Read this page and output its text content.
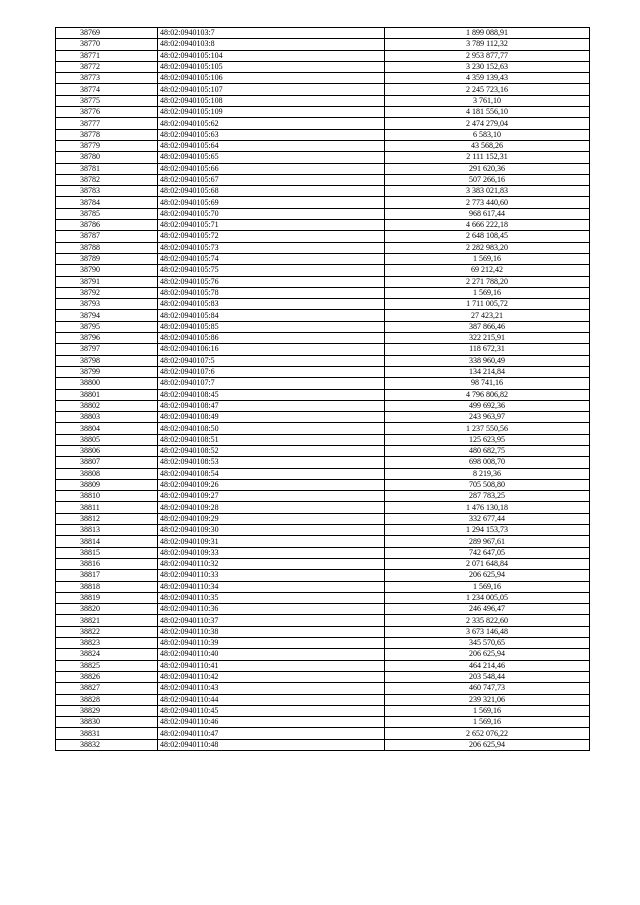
38769	48:02:0940103:7	1 899 088,91
38770	48:02:0940103:8	3 789 112,32
38771	48:02:0940105:104	2 953 877,77
38772	48:02:0940105:105	3 230 152,63
38773	48:02:0940105:106	4 359 139,43
38774	48:02:0940105:107	2 245 723,16
38775	48:02:0940105:108	3 761,10
38776	48:02:0940105:109	4 181 556,10
38777	48:02:0940105:62	2 474 279,04
38778	48:02:0940105:63	6 583,10
38779	48:02:0940105:64	43 568,26
38780	48:02:0940105:65	2 111 152,31
38781	48:02:0940105:66	291 620,36
38782	48:02:0940105:67	507 266,16
38783	48:02:0940105:68	3 383 021,83
38784	48:02:0940105:69	2 773 440,60
38785	48:02:0940105:70	968 617,44
38786	48:02:0940105:71	4 666 222,18
38787	48:02:0940105:72	2 648 108,45
38788	48:02:0940105:73	2 282 983,20
38789	48:02:0940105:74	1 569,16
38790	48:02:0940105:75	69 212,42
38791	48:02:0940105:76	2 271 788,20
38792	48:02:0940105:78	1 569,16
38793	48:02:0940105:83	1 711 005,72
38794	48:02:0940105:84	27 423,21
38795	48:02:0940105:85	387 866,46
38796	48:02:0940105:86	322 215,91
38797	48:02:0940106:16	118 672,31
38798	48:02:0940107:5	338 960,49
38799	48:02:0940107:6	134 214,84
38800	48:02:0940107:7	98 741,16
38801	48:02:0940108:45	4 796 806,82
38802	48:02:0940108:47	499 692,36
38803	48:02:0940108:49	243 963,97
38804	48:02:0940108:50	1 237 550,56
38805	48:02:0940108:51	125 623,95
38806	48:02:0940108:52	480 682,75
38807	48:02:0940108:53	698 008,70
38808	48:02:0940108:54	8 219,36
38809	48:02:0940109:26	705 508,80
38810	48:02:0940109:27	287 783,25
38811	48:02:0940109:28	1 476 130,18
38812	48:02:0940109:29	332 677,44
38813	48:02:0940109:30	1 294 153,73
38814	48:02:0940109:31	289 967,61
38815	48:02:0940109:33	742 647,05
38816	48:02:0940110:32	2 071 648,84
38817	48:02:0940110:33	206 625,94
38818	48:02:0940110:34	1 569,16
38819	48:02:0940110:35	1 234 005,05
38820	48:02:0940110:36	246 496,47
38821	48:02:0940110:37	2 335 822,60
38822	48:02:0940110:38	3 673 146,48
38823	48:02:0940110:39	345 570,65
38824	48:02:0940110:40	206 625,94
38825	48:02:0940110:41	464 214,46
38826	48:02:0940110:42	203 548,44
38827	48:02:0940110:43	460 747,73
38828	48:02:0940110:44	239 321,06
38829	48:02:0940110:45	1 569,16
38830	48:02:0940110:46	1 569,16
38831	48:02:0940110:47	2 652 076,22
38832	48:02:0940110:48	206 625,94
